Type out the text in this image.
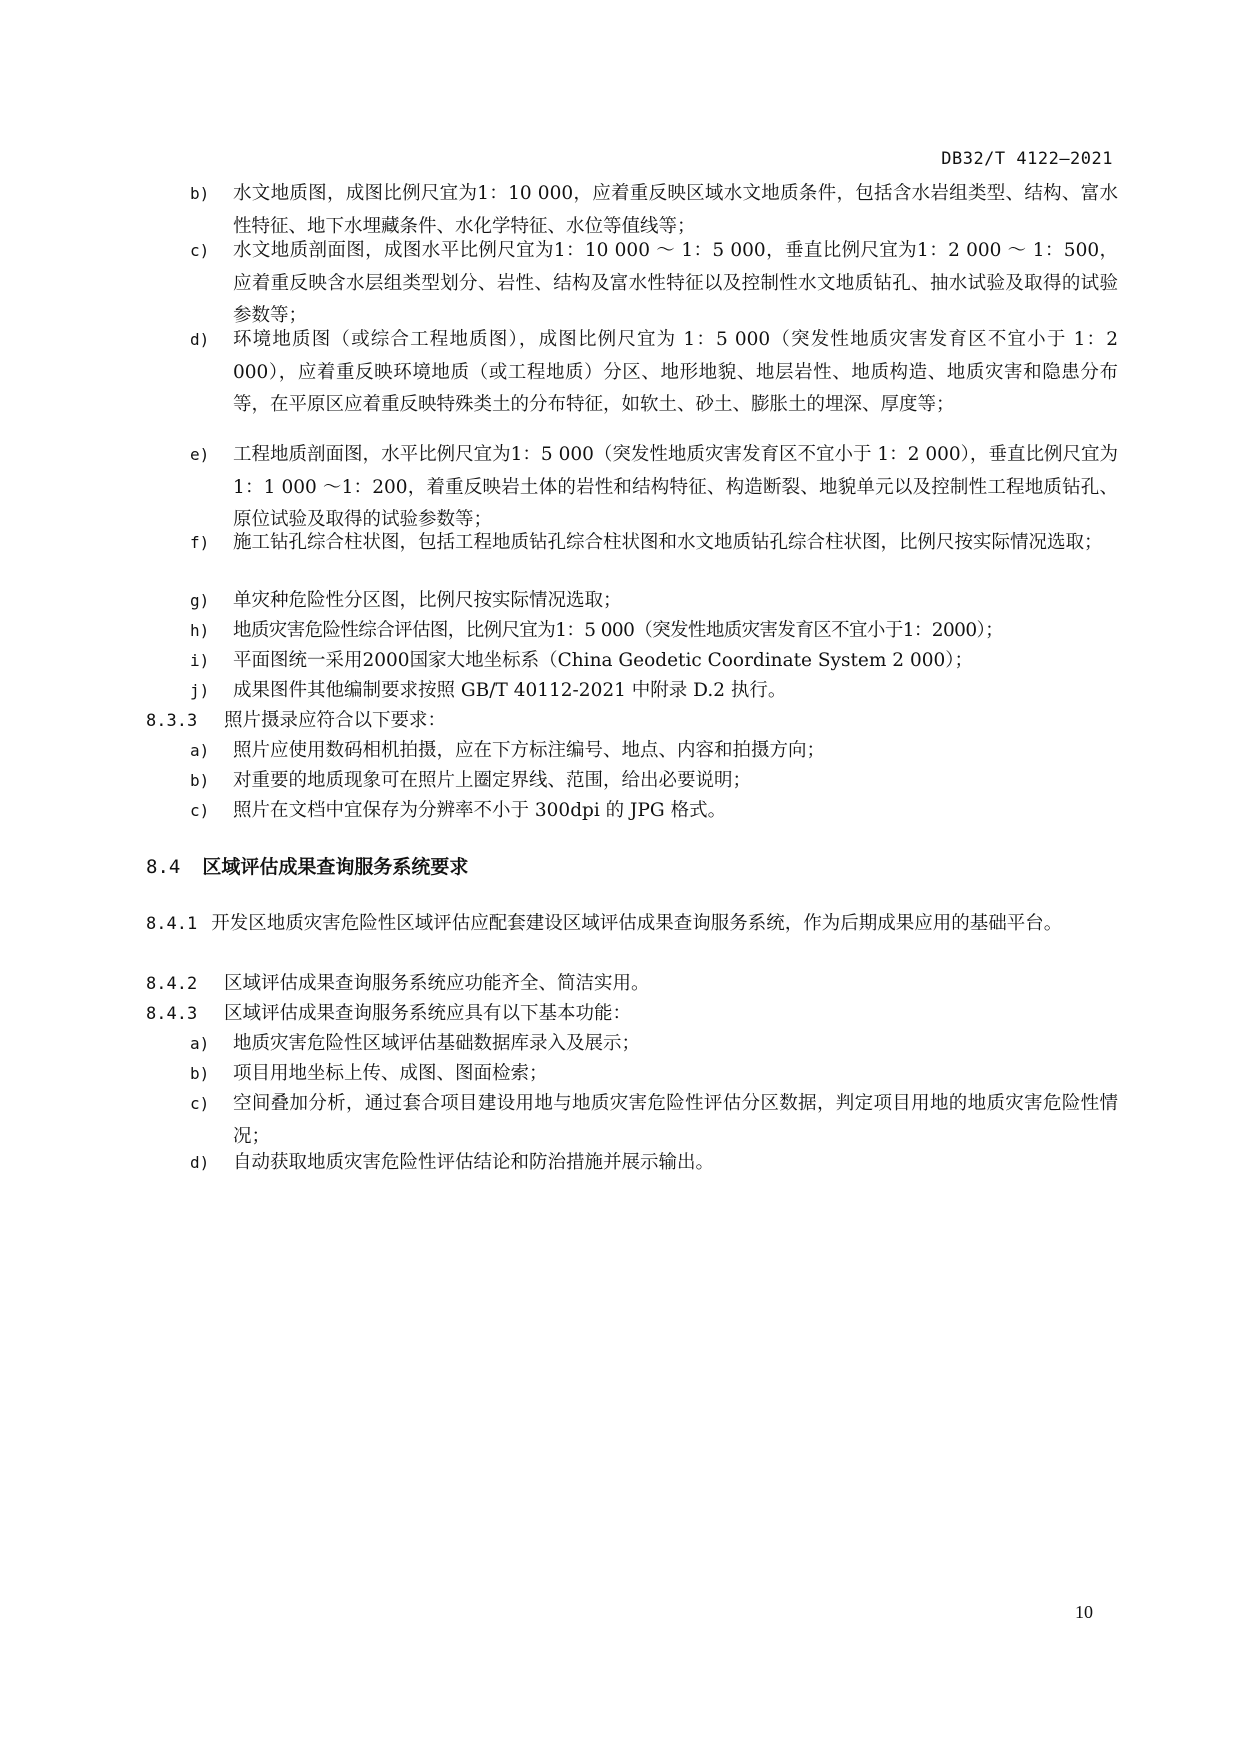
DB32/T 4122—2021
b) 水文地质图，成图比例尺宜为1：10 000，应着重反映区域水文地质条件，包括含水岩组类型、结构、富水性特征、地下水埋藏条件、水化学特征、水位等值线等；
c) 水文地质剖面图，成图水平比例尺宜为1：10 000 ～ 1：5 000，垂直比例尺宜为1：2 000 ～ 1：500，应着重反映含水层组类型划分、岩性、结构及富水性特征以及控制性水文地质钻孔、抽水试验及取得的试验参数等；
d) 环境地质图（或综合工程地质图），成图比例尺宜为 1：5 000（突发性地质灾害发育区不宜小于 1：2 000），应着重反映环境地质（或工程地质）分区、地形地貌、地层岩性、地质构造、地质灾害和隐患分布等，在平原区应着重反映特殊类土的分布特征，如软土、砂土、膨胀土的埋深、厚度等；
e) 工程地质剖面图，水平比例尺宜为1：5 000（突发性地质灾害发育区不宜小于 1：2 000），垂直比例尺宜为1：1 000 ～1：200，着重反映岩土体的岩性和结构特征、构造断裂、地貌单元以及控制性工程地质钻孔、原位试验及取得的试验参数等；
f) 施工钻孔综合柱状图，包括工程地质钻孔综合柱状图和水文地质钻孔综合柱状图，比例尺按实际情况选取；
g) 单灾种危险性分区图，比例尺按实际情况选取；
h) 地质灾害危险性综合评估图，比例尺宜为1：5 000（突发性地质灾害发育区不宜小于1：2000）；
i) 平面图统一采用2000国家大地坐标系（China Geodetic Coordinate System 2 000）；
j) 成果图件其他编制要求按照 GB/T 40112-2021 中附录 D.2 执行。
8.3.3 照片摄录应符合以下要求：
a) 照片应使用数码相机拍摄，应在下方标注编号、地点、内容和拍摄方向；
b) 对重要的地质现象可在照片上圈定界线、范围，给出必要说明；
c) 照片在文档中宜保存为分辨率不小于 300dpi 的 JPG 格式。
8.4 区域评估成果查询服务系统要求
8.4.1 开发区地质灾害危险性区域评估应配套建设区域评估成果查询服务系统，作为后期成果应用的基础平台。
8.4.2 区域评估成果查询服务系统应功能齐全、简洁实用。
8.4.3 区域评估成果查询服务系统应具有以下基本功能：
a) 地质灾害危险性区域评估基础数据库录入及展示；
b) 项目用地坐标上传、成图、图面检索；
c) 空间叠加分析，通过套合项目建设用地与地质灾害危险性评估分区数据，判定项目用地的地质灾害危险性情况；
d) 自动获取地质灾害危险性评估结论和防治措施并展示输出。
10
